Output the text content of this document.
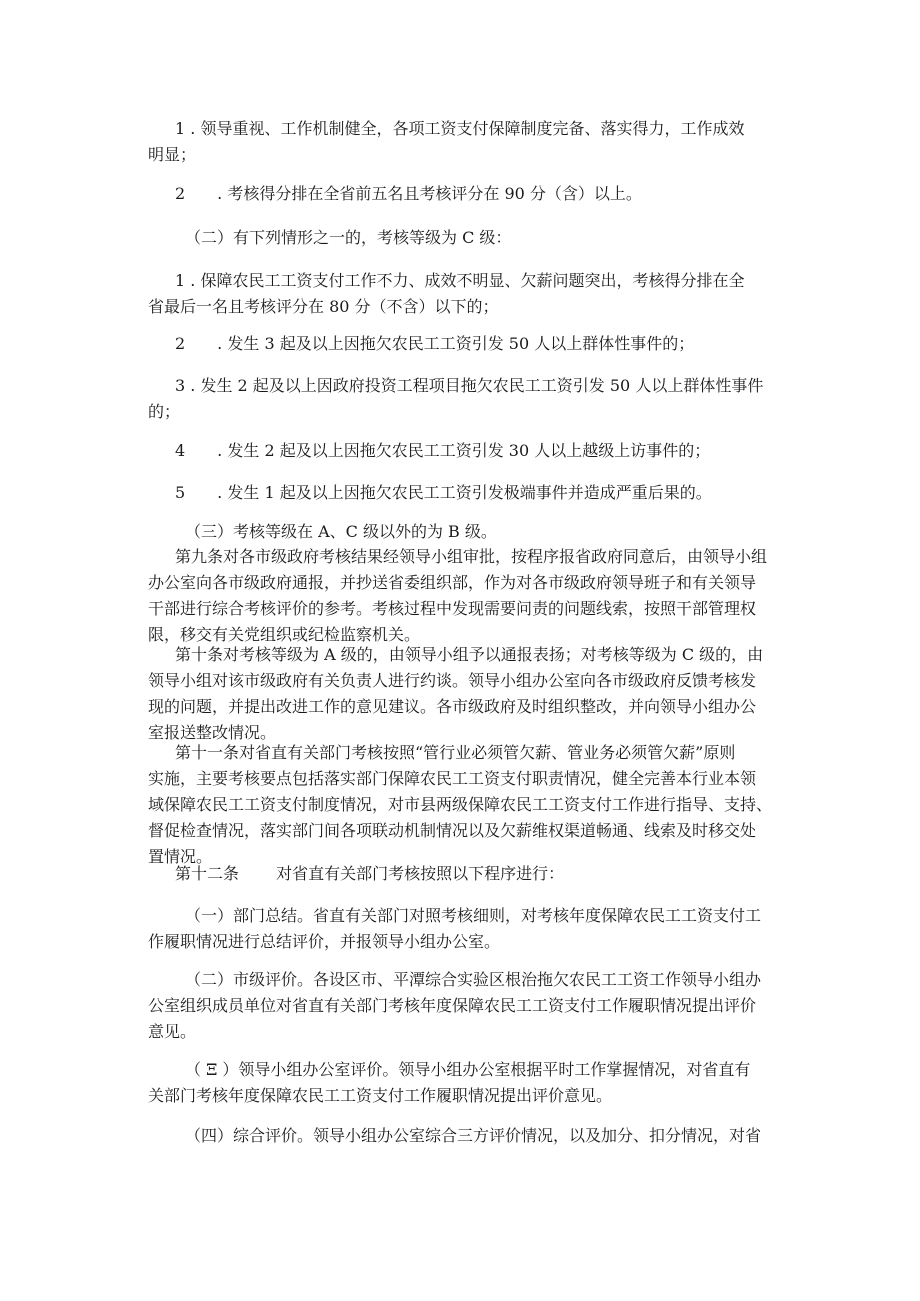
1 . 领导重视、工作机制健全，各项工资支付保障制度完备、落实得力，工作成效
明显；

2　　. 考核得分排在全省前五名且考核评分在 90 分（含）以上。

（二）有下列情形之一的，考核等级为 C 级：

1 . 保障农民工工资支付工作不力、成效不明显、欠薪问题突出，考核得分排在全
省最后一名且考核评分在 80 分（不含）以下的；

2　　. 发生 3 起及以上因拖欠农民工工资引发 50 人以上群体性事件的；

3 . 发生 2 起及以上因政府投资工程项目拖欠农民工工资引发 50 人以上群体性事件
的；

4　　. 发生 2 起及以上因拖欠农民工工资引发 30 人以上越级上访事件的；

5　　. 发生 1 起及以上因拖欠农民工工资引发极端事件并造成严重后果的。

（三）考核等级在 A、C 级以外的为 B 级。

第九条对各市级政府考核结果经领导小组审批，按程序报省政府同意后，由领导小组
办公室向各市级政府通报，并抄送省委组织部，作为对各市级政府领导班子和有关领导
干部进行综合考核评价的参考。考核过程中发现需要问责的问题线索，按照干部管理权
限，移交有关党组织或纪检监察机关。

第十条对考核等级为 A 级的，由领导小组予以通报表扬；对考核等级为 C 级的，由
领导小组对该市级政府有关负责人进行约谈。领导小组办公室向各市级政府反馈考核发
现的问题，并提出改进工作的意见建议。各市级政府及时组织整改，并向领导小组办公
室报送整改情况。

第十一条对省直有关部门考核按照“管行业必须管欠薪、管业务必须管欠薪”原则
实施，主要考核要点包括落实部门保障农民工工资支付职责情况，健全完善本行业本领
域保障农民工工资支付制度情况，对市县两级保障农民工工资支付工作进行指导、支持、
督促检查情况，落实部门间各项联动机制情况以及欠薪维权渠道畅通、线索及时移交处
置情况。

第十二条　　 对省直有关部门考核按照以下程序进行：

（一）部门总结。省直有关部门对照考核细则，对考核年度保障农民工工资支付工
作履职情况进行总结评价，并报领导小组办公室。

（二）市级评价。各设区市、平潭综合实验区根治拖欠农民工工资工作领导小组办
公室组织成员单位对省直有关部门考核年度保障农民工工资支付工作履职情况提出评价
意见。

（ Ξ ）领导小组办公室评价。领导小组办公室根据平时工作掌握情况，对省直有
关部门考核年度保障农民工工资支付工作履职情况提出评价意见。

（四）综合评价。领导小组办公室综合三方评价情况，以及加分、扣分情况，对省
